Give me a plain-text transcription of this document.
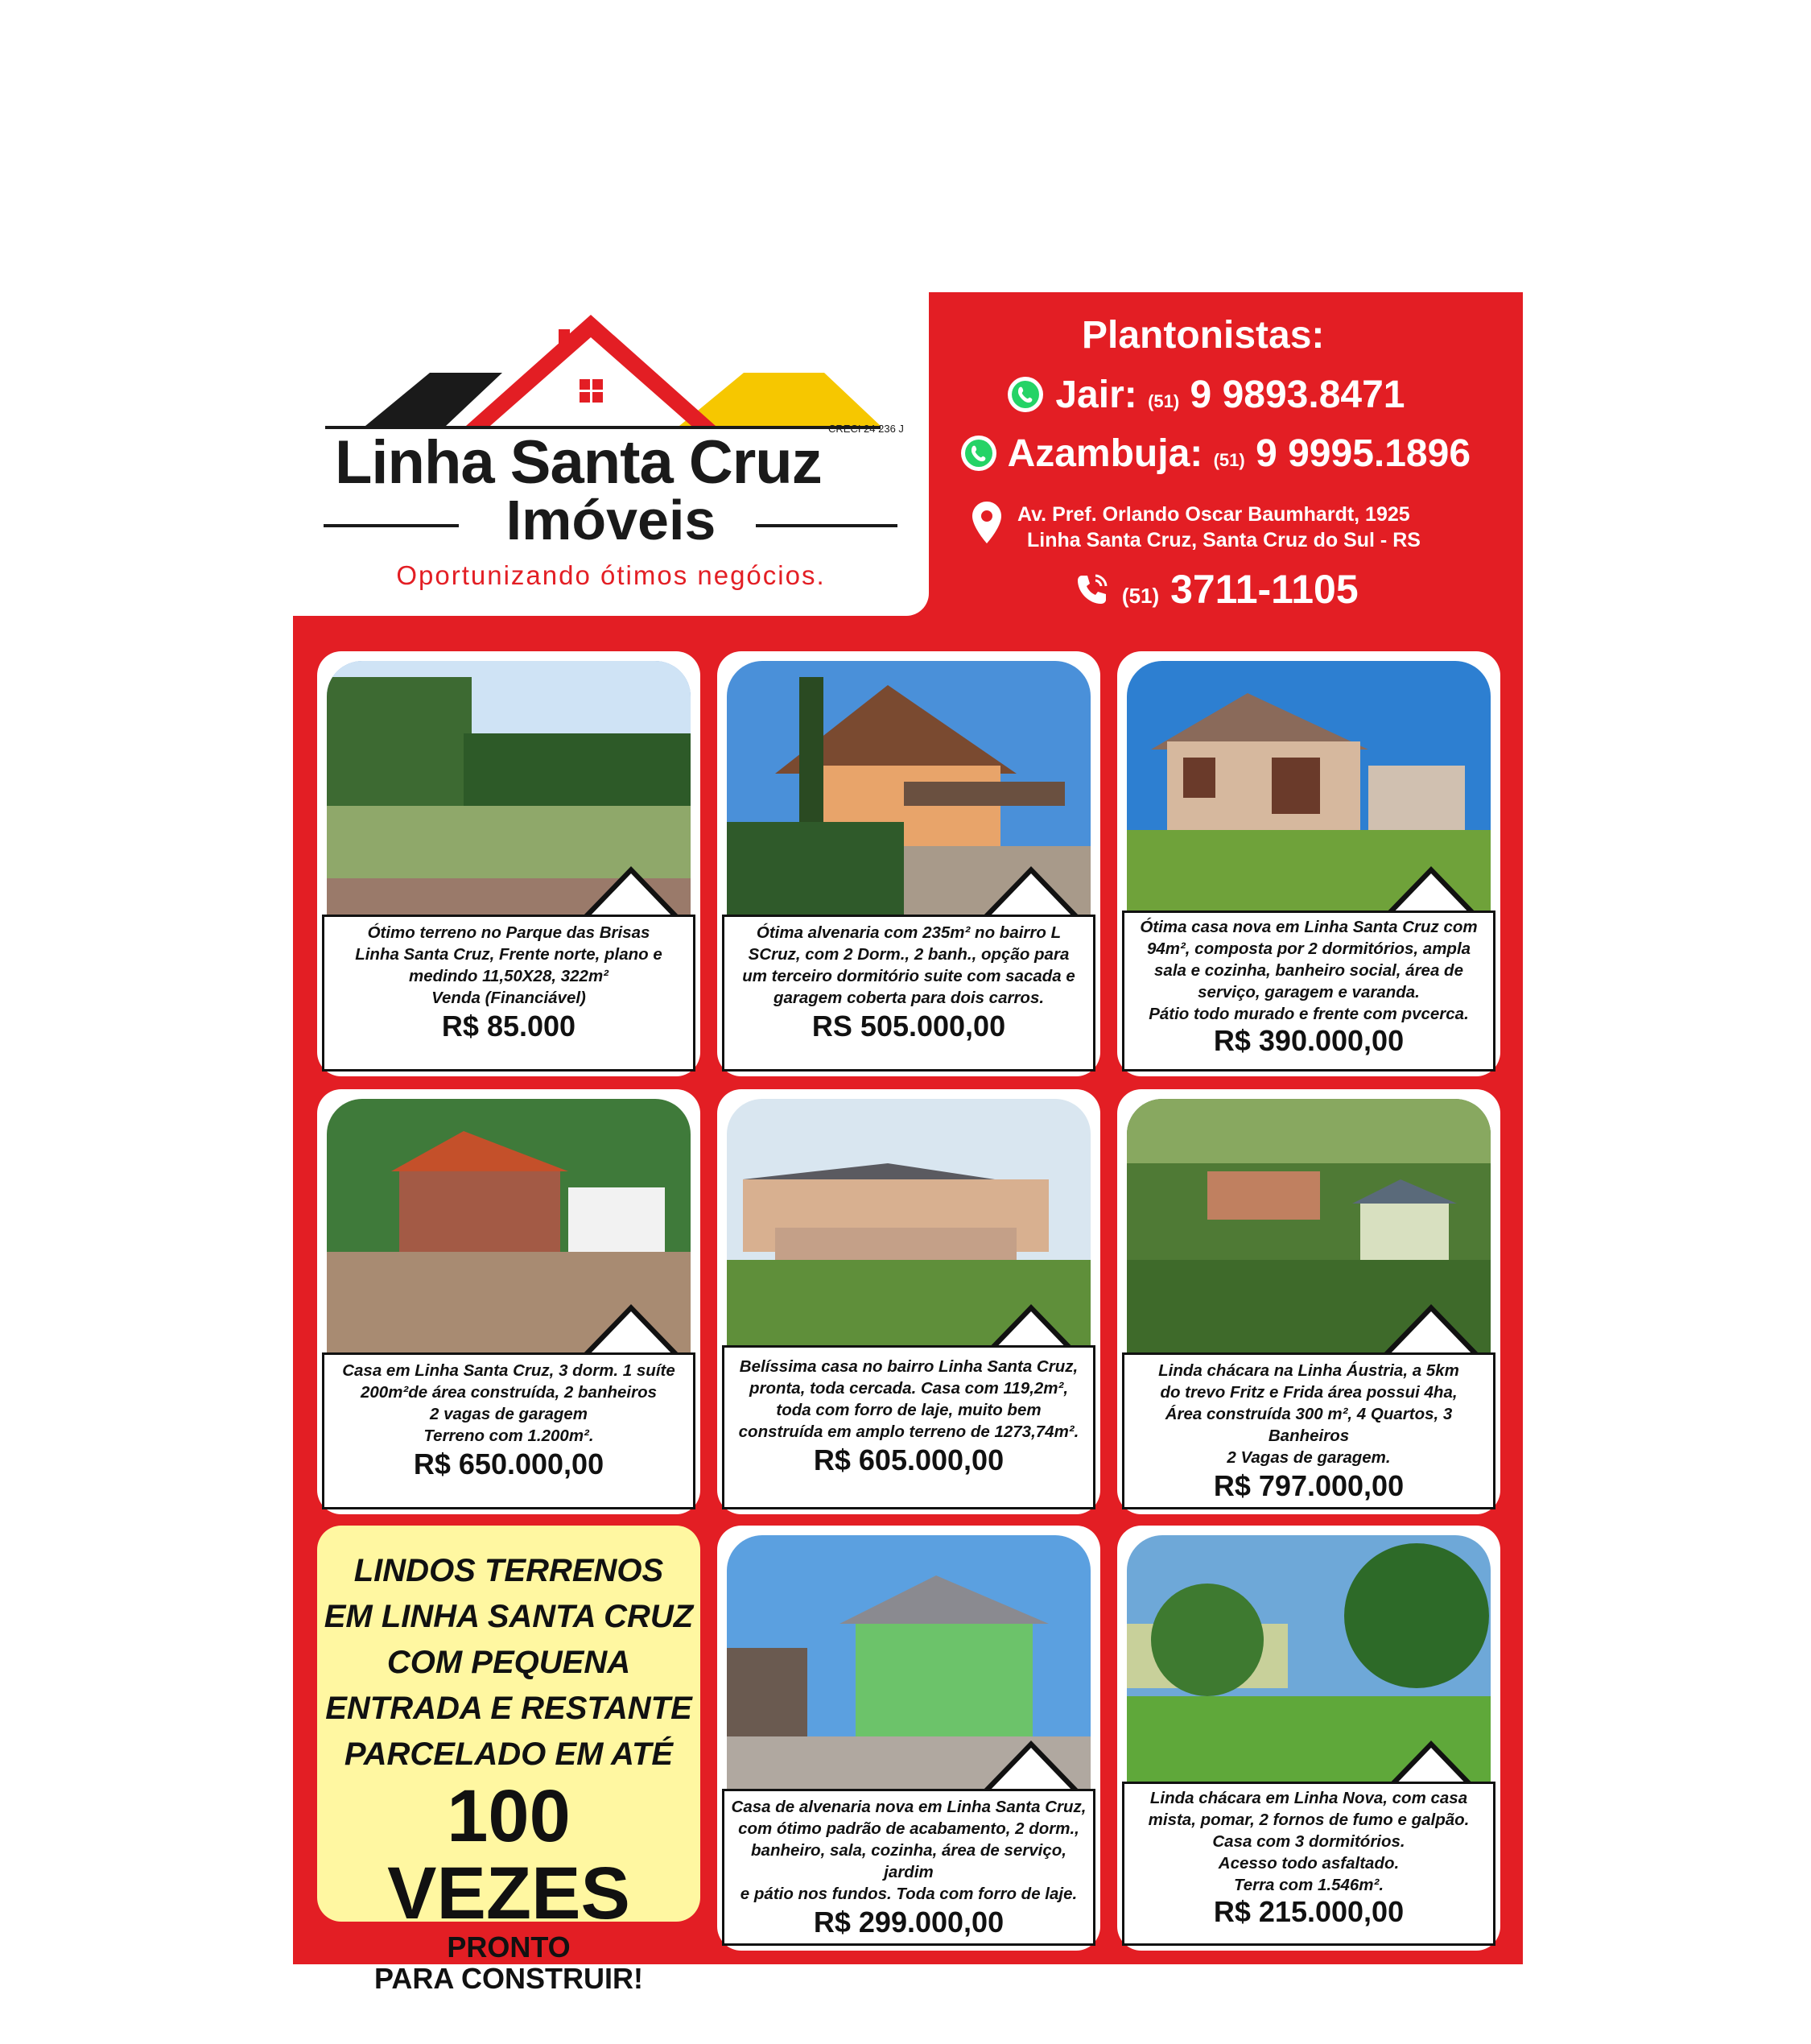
CRECI 24 236 J
Linha Santa Cruz
Imóveis
Oportunizando ótimos negócios.
Plantonistas:
Jair: (51) 9 9893.8471
Azambuja: (51) 9 9995.1896
Av. Pref. Orlando Oscar Baumhardt, 1925
Linha Santa Cruz, Santa Cruz do Sul - RS
(51) 3711-1105
Ótimo terreno no Parque das Brisas
Linha Santa Cruz, Frente norte, plano e
medindo 11,50X28, 322m²
Venda (Financiável)
R$ 85.000
Ótima alvenaria com 235m² no bairro L
SCruz, com 2 Dorm., 2 banh., opção para
um terceiro dormitório suite com sacada e
garagem coberta para dois carros.
RS 505.000,00
Ótima casa nova em Linha Santa Cruz com
94m², composta por 2 dormitórios, ampla
sala e cozinha, banheiro social, área de
serviço, garagem e varanda.
Pátio todo murado e frente com pvcerca.
R$ 390.000,00
Casa em Linha Santa Cruz, 3 dorm. 1 suíte
200m²de área construída, 2 banheiros
2 vagas de garagem
Terreno com 1.200m².
R$ 650.000,00
Belíssima casa no bairro Linha Santa Cruz,
pronta, toda cercada. Casa com 119,2m²,
toda com forro de laje, muito bem
construída em amplo terreno de 1273,74m².
R$ 605.000,00
Linda chácara na Linha Áustria, a 5km
do trevo Fritz e Frida área possui 4ha,
Área construída 300 m², 4 Quartos, 3 Banheiros
2 Vagas de garagem.
R$ 797.000,00
LINDOS TERRENOS
EM LINHA SANTA CRUZ
COM PEQUENA
ENTRADA E RESTANTE
PARCELADO EM ATÉ
100 VEZES
PRONTO
PARA CONSTRUIR!
Casa de alvenaria nova em Linha Santa Cruz,
com ótimo padrão de acabamento, 2 dorm.,
banheiro, sala, cozinha, área de serviço, jardim
e pátio nos fundos. Toda com forro de laje.
R$ 299.000,00
Linda chácara em Linha Nova, com casa
mista, pomar, 2 fornos de fumo e galpão.
Casa com 3 dormitórios.
Acesso todo asfaltado.
Terra com 1.546m².
R$ 215.000,00
